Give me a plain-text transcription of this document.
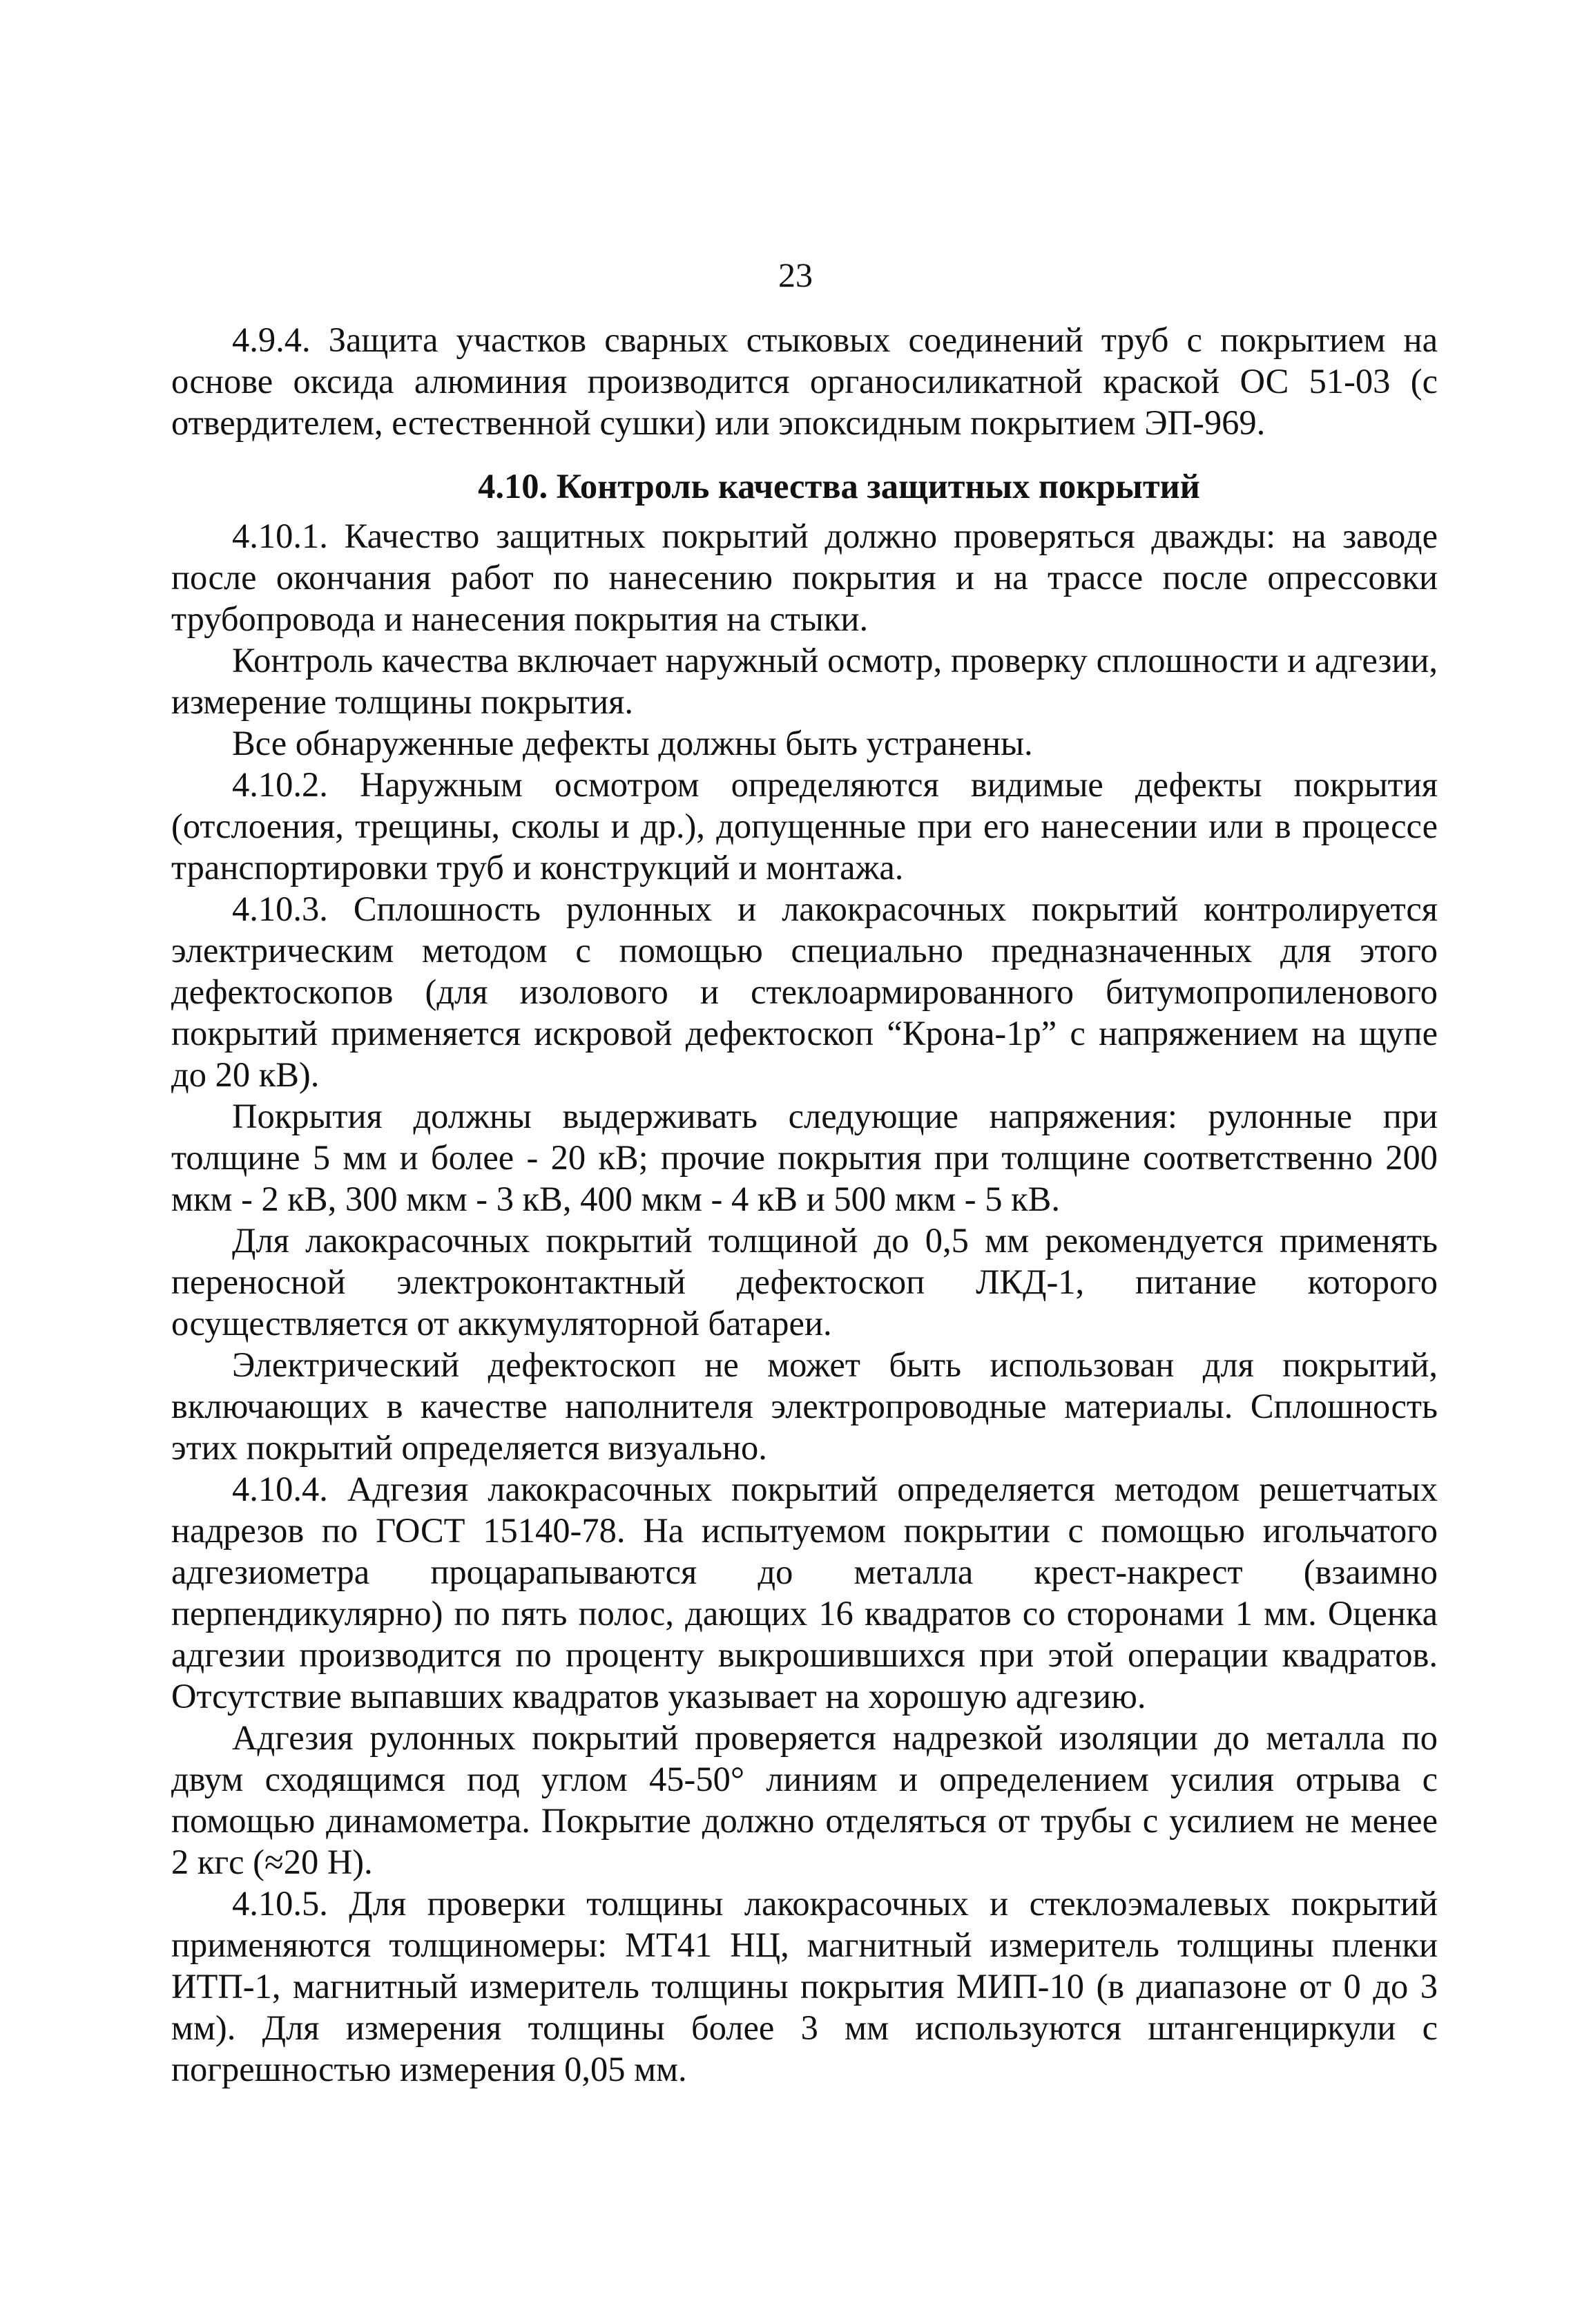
23

4.9.4. Защита участков сварных стыковых соединений труб с покрытием на основе оксида алюминия производится органосиликатной краской ОС 51-03 (с отвердителем, естественной сушки) или эпоксидным покрытием ЭП-969.

4.10. Контроль качества защитных покрытий

4.10.1. Качество защитных покрытий должно проверяться дважды: на заводе после окончания работ по нанесению покрытия и на трассе после опрессовки трубопровода и нанесения покрытия на стыки.

Контроль качества включает наружный осмотр, проверку сплошности и адгезии, измерение толщины покрытия.

Все обнаруженные дефекты должны быть устранены.

4.10.2. Наружным осмотром определяются видимые дефекты покрытия (отслоения, трещины, сколы и др.), допущенные при его нанесении или в процессе транспортировки труб и конструкций и монтажа.

4.10.3. Сплошность рулонных и лакокрасочных покрытий контролируется электрическим методом с помощью специально предназначенных для этого дефектоскопов (для изолового и стеклоармированного битумопропиленового покрытий применяется искровой дефектоскоп “Крона-1р” с напряжением на щупе до 20 кВ).

Покрытия должны выдерживать следующие напряжения: рулонные при толщине 5 мм и более - 20 кВ; прочие покрытия при толщине соответственно 200 мкм - 2 кВ, 300 мкм - 3 кВ, 400 мкм - 4 кВ и 500 мкм - 5 кВ.

Для лакокрасочных покрытий толщиной до 0,5 мм рекомендуется применять переносной электроконтактный дефектоскоп ЛКД-1, питание которого осуществляется от аккумуляторной батареи.

Электрический дефектоскоп не может быть использован для покрытий, включающих в качестве наполнителя электропроводные материалы. Сплошность этих покрытий определяется визуально.

4.10.4. Адгезия лакокрасочных покрытий определяется методом решетчатых надрезов по ГОСТ 15140-78. На испытуемом покрытии с помощью игольчатого адгезиометра процарапываются до металла крест-накрест (взаимно перпендикулярно) по пять полос, дающих 16 квадратов со сторонами 1 мм. Оценка адгезии производится по проценту выкрошившихся при этой операции квадратов. Отсутствие выпавших квадратов указывает на хорошую адгезию.

Адгезия рулонных покрытий проверяется надрезкой изоляции до металла по двум сходящимся под углом 45-50° линиям и определением усилия отрыва с помощью динамометра. Покрытие должно отделяться от трубы с усилием не менее 2 кгс (≈20 Н).

4.10.5. Для проверки толщины лакокрасочных и стеклоэмалевых покрытий применяются толщиномеры: МТ41 НЦ, магнитный измеритель толщины пленки ИТП-1, магнитный измеритель толщины покрытия МИП-10 (в диапазоне от 0 до 3 мм). Для измерения толщины более 3 мм используются штангенциркули с погрешностью измерения 0,05 мм.
